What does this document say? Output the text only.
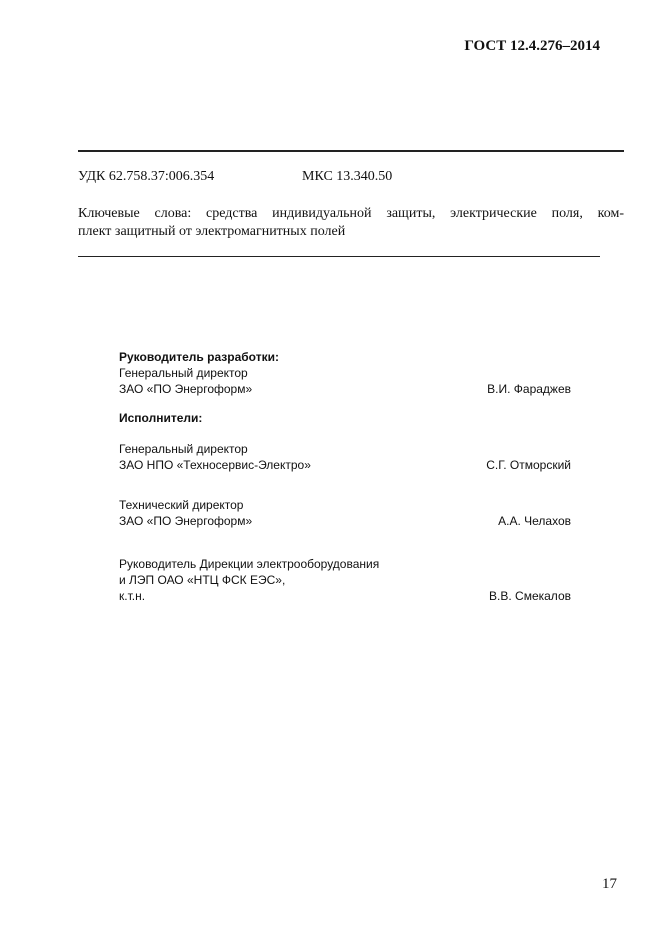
ГОСТ 12.4.276–2014
УДК 62.758.37:006.354	МКС 13.340.50
Ключевые слова: средства индивидуальной защиты, электрические поля, ком-
плект защитный от электромагнитных полей
Руководитель разработки:
Генеральный директор
ЗАО «ПО Энергоформ»	В.И. Фараджев
Исполнители:
Генеральный директор
ЗАО НПО «Техносервис-Электро»	С.Г. Отморский
Технический директор
ЗАО «ПО Энергоформ»	А.А. Челахов
Руководитель Дирекции электрооборудования
и ЛЭП ОАО «НТЦ ФСК ЕЭС»,
к.т.н.	В.В. Смекалов
17
